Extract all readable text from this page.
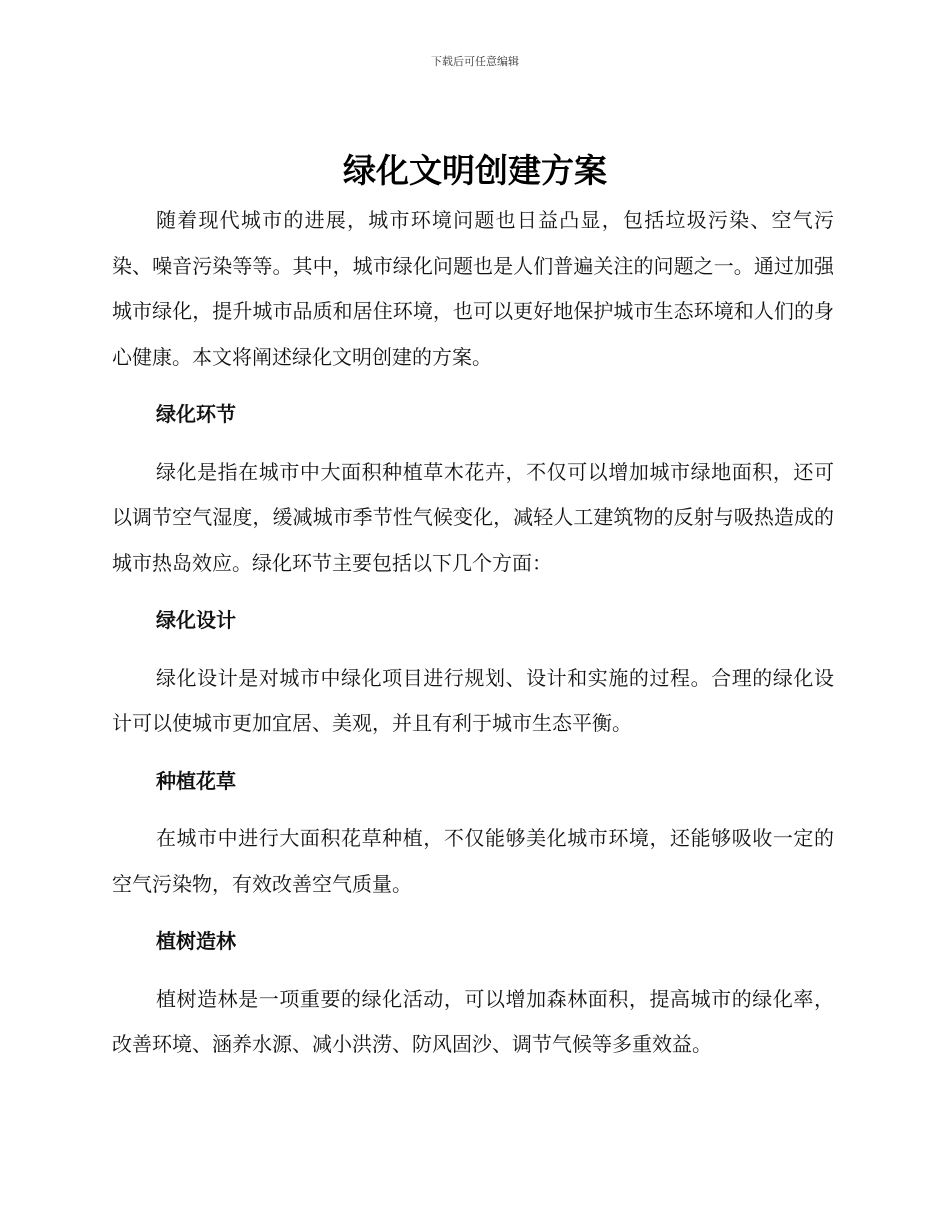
下载后可任意编辑
绿化文明创建方案

随着现代城市的进展，城市环境问题也日益凸显，包括垃圾污染、空气污染、噪音污染等等。其中，城市绿化问题也是人们普遍关注的问题之一。通过加强城市绿化，提升城市品质和居住环境，也可以更好地保护城市生态环境和人们的身心健康。本文将阐述绿化文明创建的方案。

绿化环节

绿化是指在城市中大面积种植草木花卉，不仅可以增加城市绿地面积，还可以调节空气湿度，缓减城市季节性气候变化，减轻人工建筑物的反射与吸热造成的城市热岛效应。绿化环节主要包括以下几个方面：

绿化设计

绿化设计是对城市中绿化项目进行规划、设计和实施的过程。合理的绿化设计可以使城市更加宜居、美观，并且有利于城市生态平衡。

种植花草

在城市中进行大面积花草种植，不仅能够美化城市环境，还能够吸收一定的空气污染物，有效改善空气质量。

植树造林

植树造林是一项重要的绿化活动，可以增加森林面积，提高城市的绿化率，改善环境、涵养水源、减小洪涝、防风固沙、调节气候等多重效益。
